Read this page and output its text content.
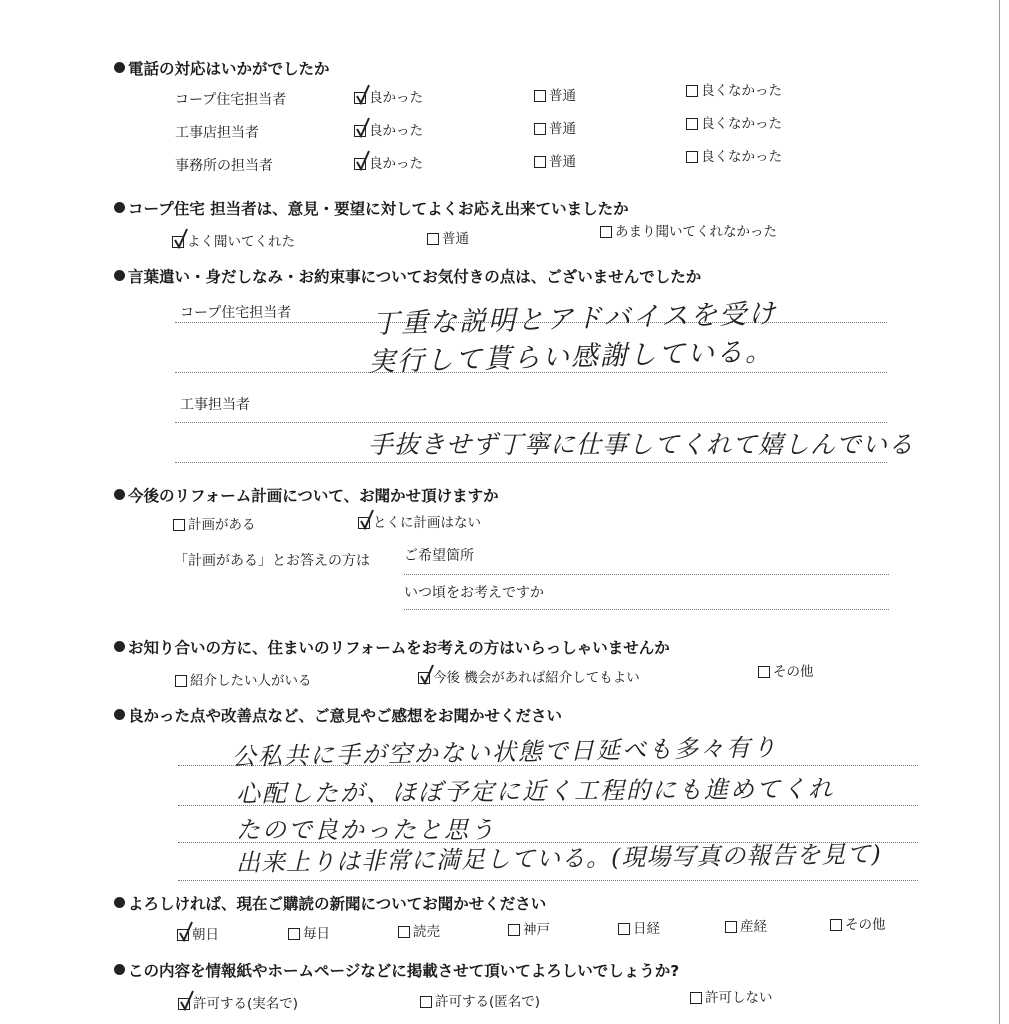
電話の対応はいかがでしたか
コープ住宅担当者	良かった	普通	良くなかった
工事店担当者	良かった	普通	良くなかった
事務所の担当者	良かった	普通	良くなかった
コープ住宅 担当者は、意見・要望に対してよくお応え出来ていましたか
よく聞いてくれた	普通	あまり聞いてくれなかった
言葉遣い・身だしなみ・お約束事についてお気付きの点は、ございませんでしたか
コープ住宅担当者	丁重な説明とアドバイスを受け
実行して貰らい感謝している。
工事担当者
手抜きせず丁寧に仕事してくれて嬉しんでいる
今後のリフォーム計画について、お聞かせ頂けますか
計画がある	とくに計画はない
「計画がある」とお答えの方は ご希望箇所
いつ頃をお考えですか
お知り合いの方に、住まいのリフォームをお考えの方はいらっしゃいませんか
紹介したい人がいる	今後 機会があれば紹介してもよい	その他
良かった点や改善点など、ご意見やご感想をお聞かせください
公私共に手が空かない状態で日延べも多々有り
心配したが、ほぼ予定に近く工程的にも進めてくれ
たので良かったと思う
出来上りは非常に満足している。(現場写真の報告を見て)
よろしければ、現在ご購読の新聞についてお聞かせください
朝日	毎日	読売	神戸	日経	産経	その他
この内容を情報紙やホームページなどに掲載させて頂いてよろしいでしょうか?
許可する(実名で)	許可する(匿名で)	許可しない
